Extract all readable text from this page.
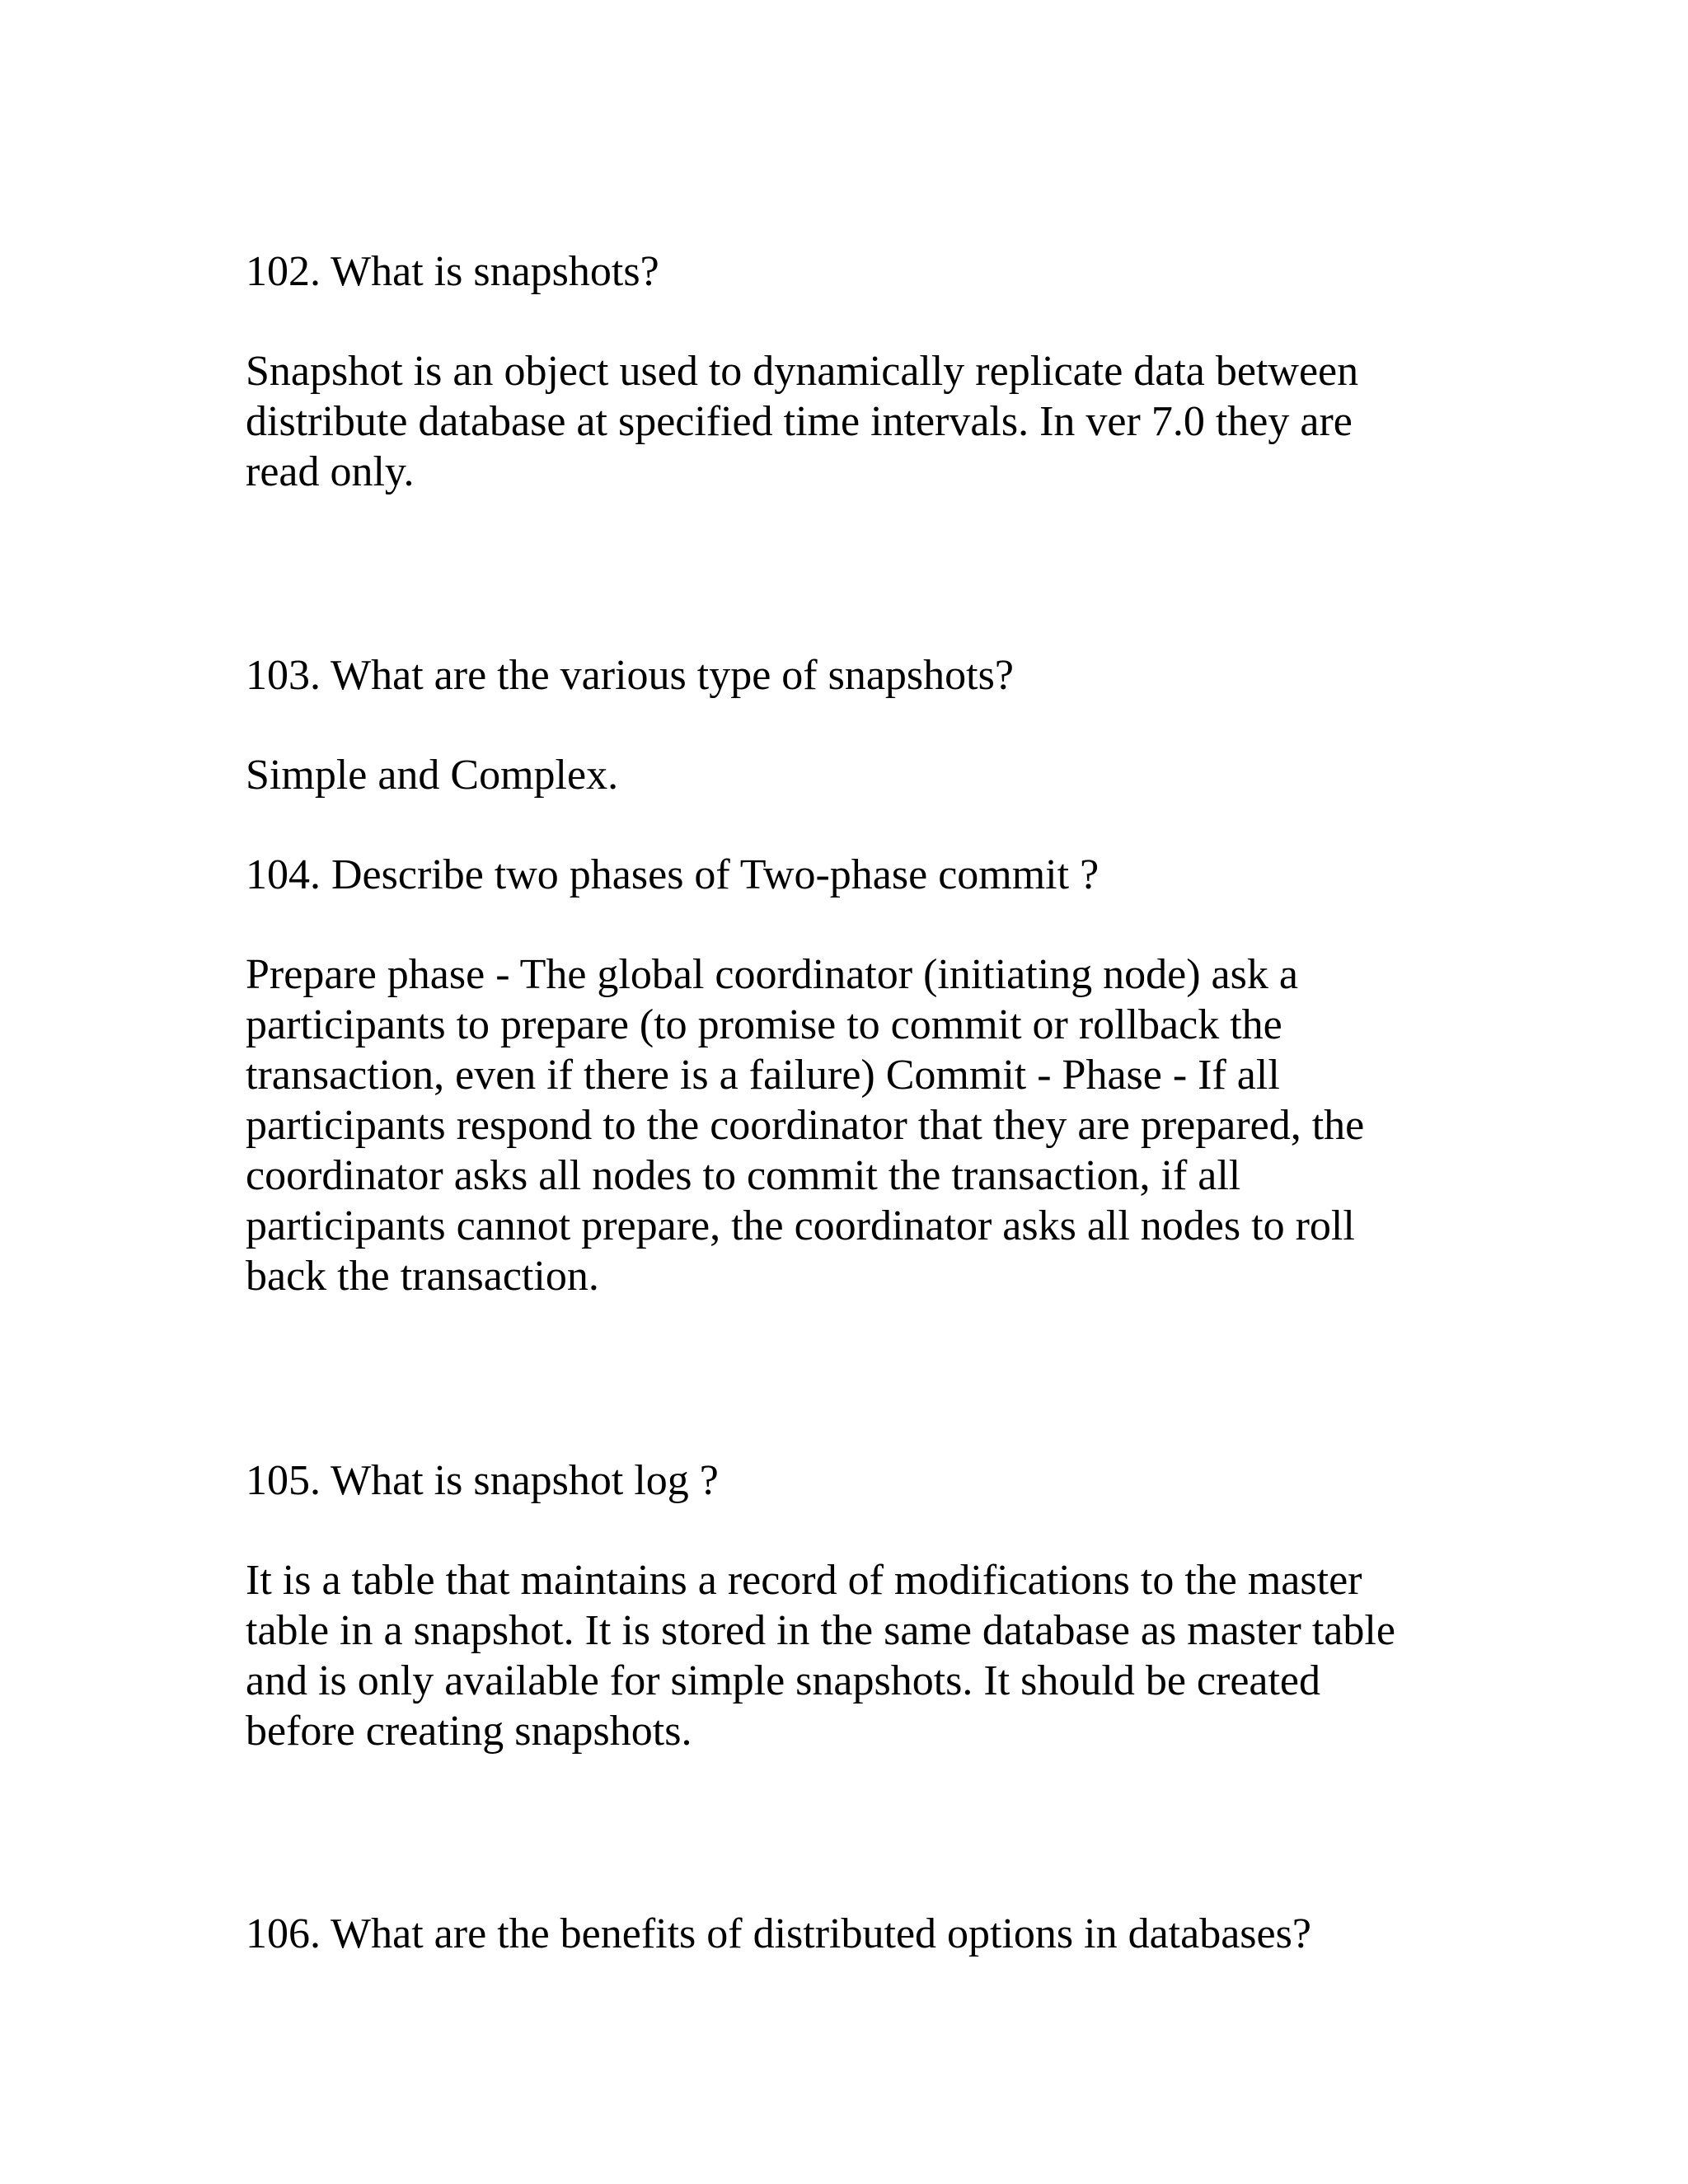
102. What is snapshots?

Snapshot is an object used to dynamically replicate data between
distribute database at specified time intervals. In ver 7.0 they are
read only.

103. What are the various type of snapshots?

Simple and Complex.

104. Describe two phases of Two-phase commit ?

Prepare phase - The global coordinator (initiating node) ask a
participants to prepare (to promise to commit or rollback the
transaction, even if there is a failure) Commit - Phase - If all
participants respond to the coordinator that they are prepared, the
coordinator asks all nodes to commit the transaction, if all
participants cannot prepare, the coordinator asks all nodes to roll
back the transaction.

105. What is snapshot log ?

It is a table that maintains a record of modifications to the master
table in a snapshot. It is stored in the same database as master table
and is only available for simple snapshots. It should be created
before creating snapshots.

106. What are the benefits of distributed options in databases?
